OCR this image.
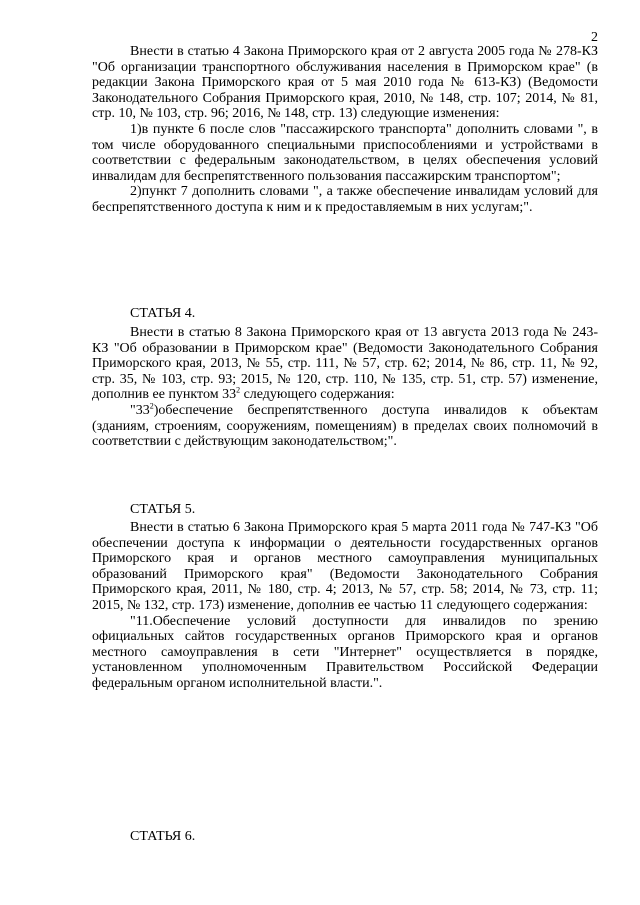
2

Внести в статью 4 Закона Приморского края от 2 августа 2005 года № 278-КЗ "Об организации транспортного обслуживания населения в Приморском крае" (в редакции Закона Приморского края от 5 мая 2010 года № 613-КЗ) (Ведомости Законодательного Собрания Приморского края, 2010, № 148, стр. 107; 2014, № 81, стр. 10, № 103, стр. 96; 2016, № 148, стр. 13) следующие изменения:

1)в пункте 6 после слов "пассажирского транспорта" дополнить словами ", в том числе оборудованного специальными приспособлениями и устройствами в соответствии с федеральным законодательством, в целях обеспечения условий инвалидам для беспрепятственного пользования пассажирским транспортом";

2)пункт 7 дополнить словами ", а также обеспечение инвалидам условий для беспрепятственного доступа к ним и к предоставляемым в них услугам;".

СТАТЬЯ 4.

Внести в статью 8 Закона Приморского края от 13 августа 2013 года № 243-КЗ "Об образовании в Приморском крае" (Ведомости Законодательного Собрания Приморского края, 2013, № 55, стр. 111, № 57, стр. 62; 2014, № 86, стр. 11, № 92, стр. 35, № 103, стр. 93; 2015, № 120, стр. 110, № 135, стр. 51, стр. 57) изменение, дополнив ее пунктом $33^2$ следующего содержания:

"$33^2)обеспечение$ беспрепятственного доступа инвалидов к объектам (зданиям, строениям, сооружениям, помещениям) в пределах своих полномочий в соответствии с действующим законодательством;".

СТАТЬЯ 5.

Внести в статью 6 Закона Приморского края 5 марта 2011 года № 747-КЗ "Об обеспечении доступа к информации о деятельности государственных органов Приморского края и органов местного самоуправления муниципальных образований Приморского края" (Ведомости Законодательного Собрания Приморского края, 2011, № 180, стр. 4; 2013, № 57, стр. 58; 2014, № 73, стр. 11; 2015, № 132, стр. 173) изменение, дополнив ее частью 11 следующего содержания:

"11.Обеспечение условий доступности для инвалидов по зрению официальных сайтов государственных органов Приморского края и органов местного самоуправления в сети "Интернет" осуществляется в порядке, установленном уполномоченным Правительством Российской Федерации федеральным органом исполнительной власти.".

СТАТЬЯ 6.
